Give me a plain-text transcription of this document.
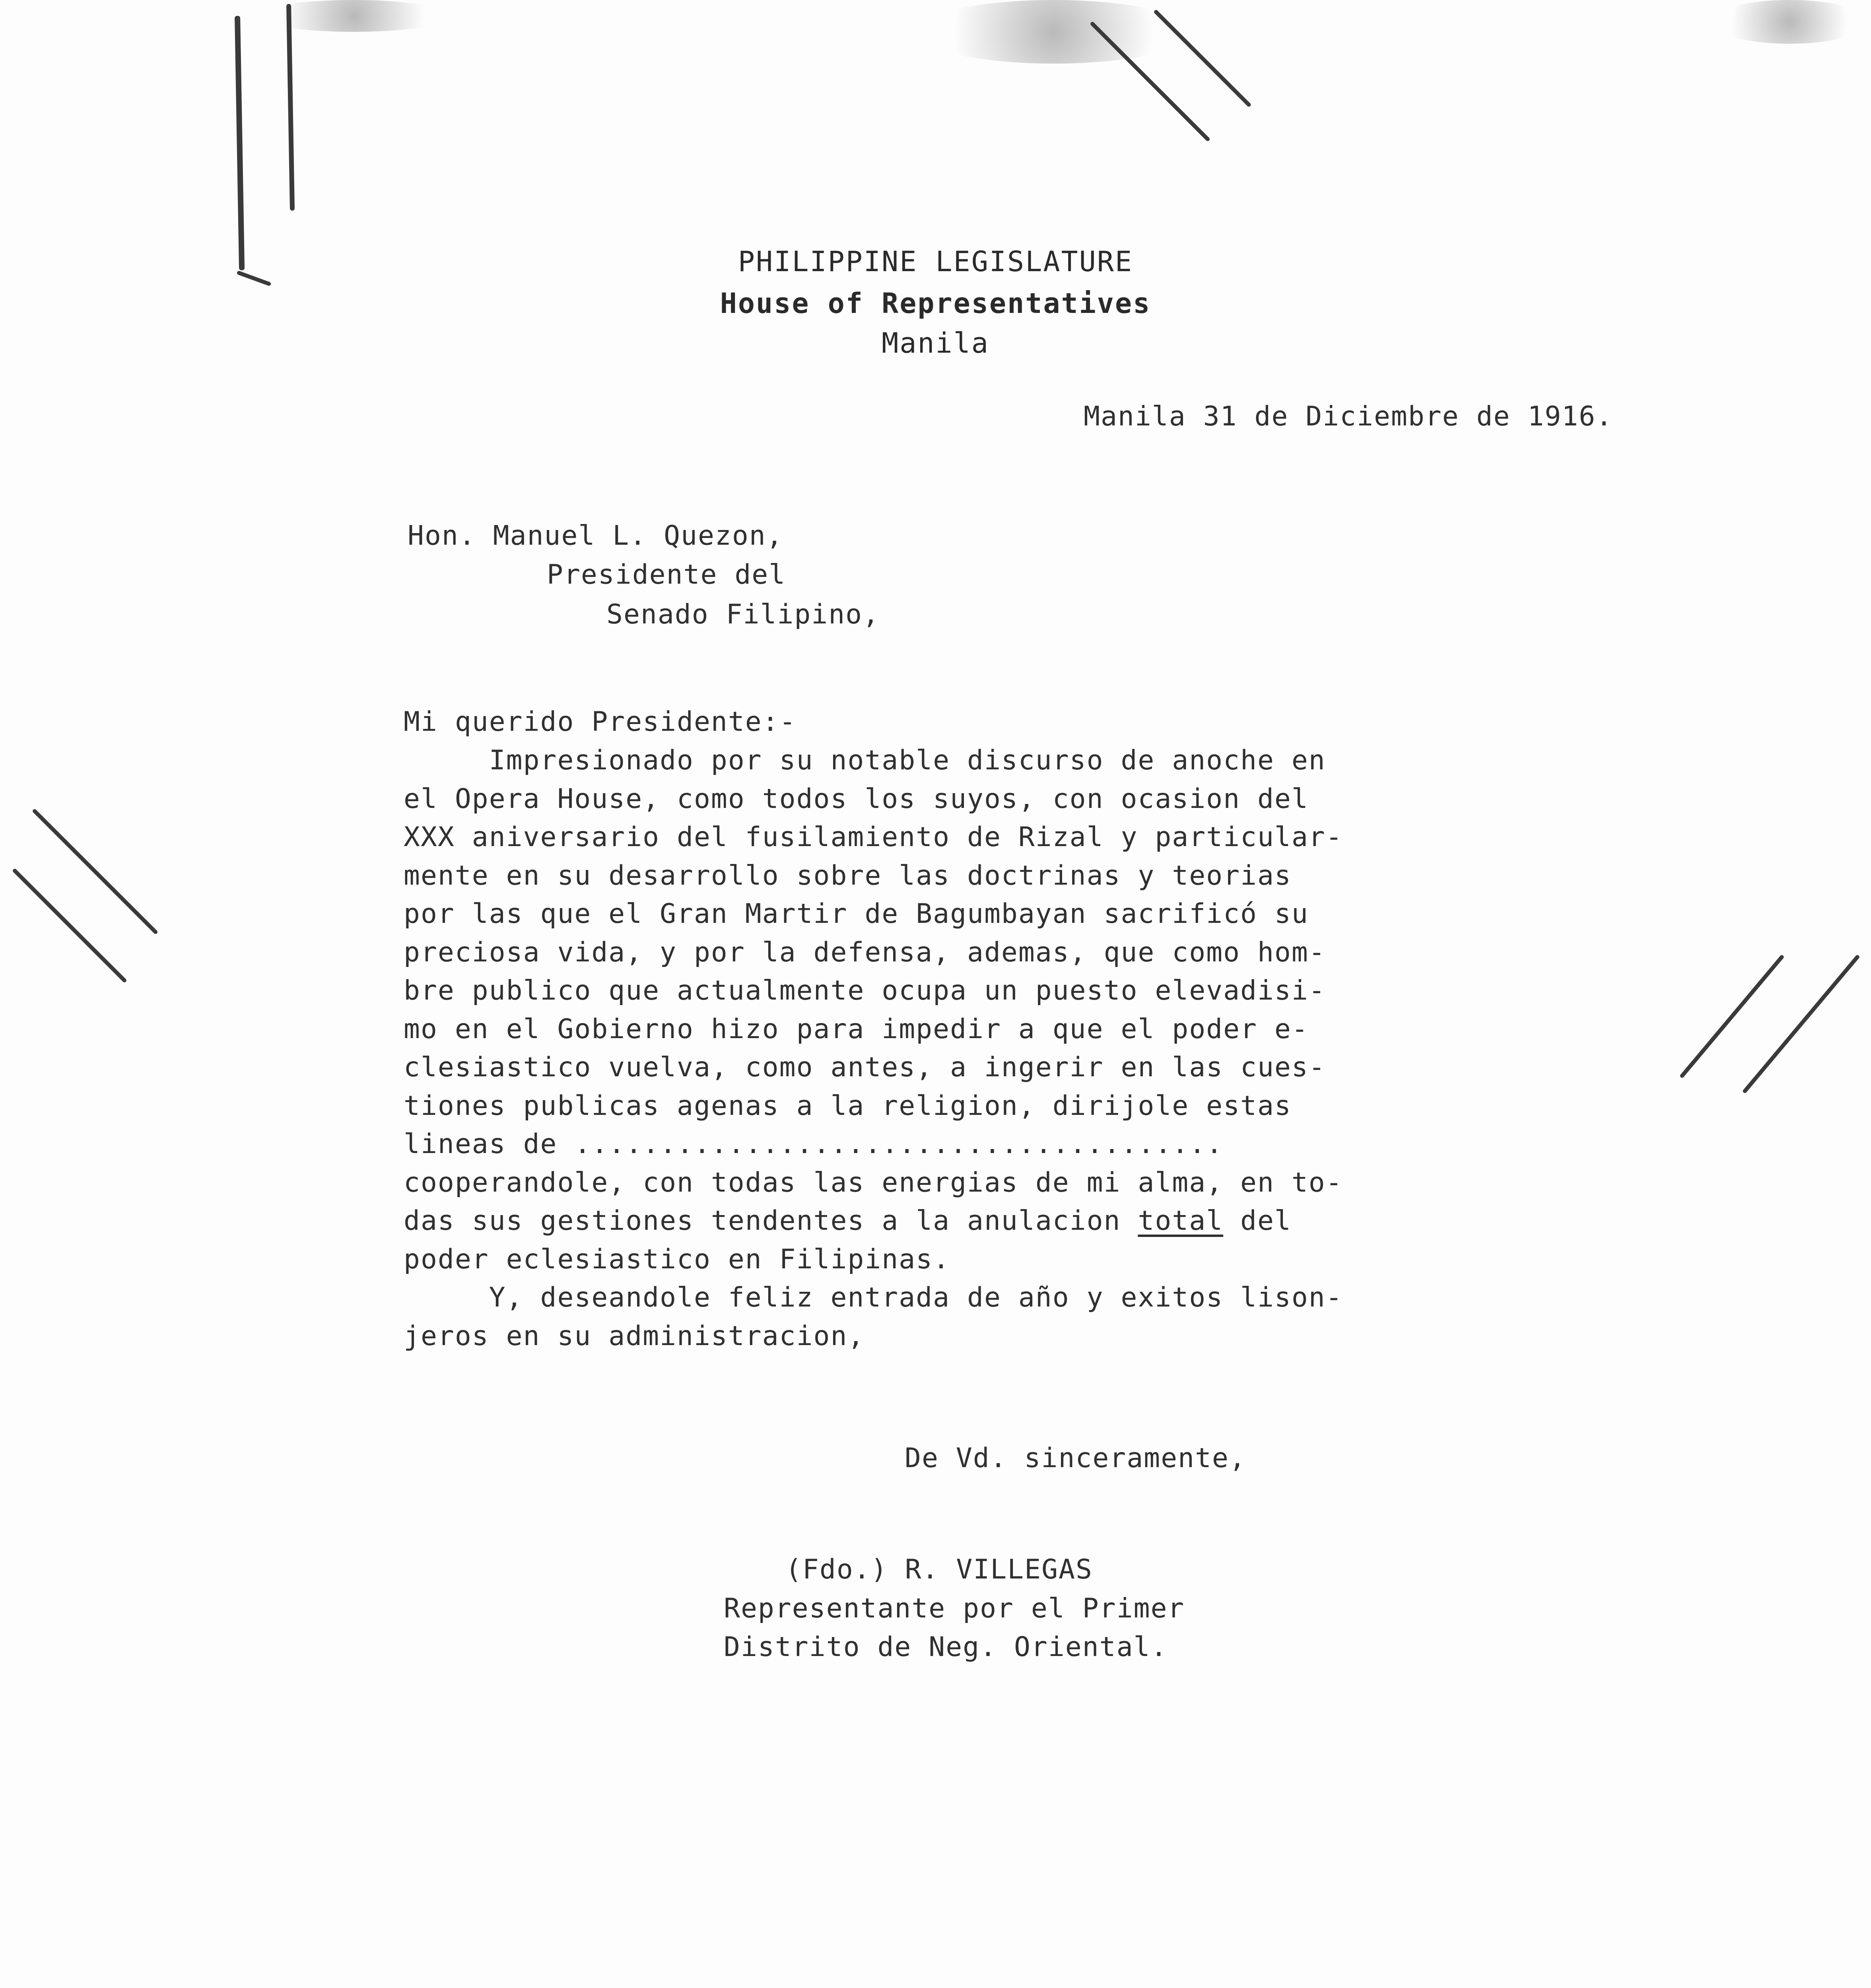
PHILIPPINE LEGISLATURE
House of Representatives
Manila
Manila 31 de Diciembre de 1916.
Hon. Manuel L. Quezon,
Presidente del
Senado Filipino,
Mi querido Presidente:-
Impresionado por su notable discurso de anoche en
el Opera House, como todos los suyos, con ocasion del
XXX aniversario del fusilamiento de Rizal y particular-
mente en su desarrollo sobre las doctrinas y teorias
por las que el Gran Martir de Bagumbayan sacrificó su
preciosa vida, y por la defensa, ademas, que como hom-
bre publico que actualmente ocupa un puesto elevadisi-
mo en el Gobierno hizo para impedir a que el poder e-
clesiastico vuelva, como antes, a ingerir en las cues-
tiones publicas agenas a la religion, dirijole estas
lineas de ......................................
cooperandole, con todas las energias de mi alma, en to-
das sus gestiones tendentes a la anulacion total del
poder eclesiastico en Filipinas.
Y, deseandole feliz entrada de año y exitos lison-
jeros en su administracion,
De Vd. sinceramente,
(Fdo.) R. VILLEGAS
Representante por el Primer
Distrito de Neg. Oriental.
